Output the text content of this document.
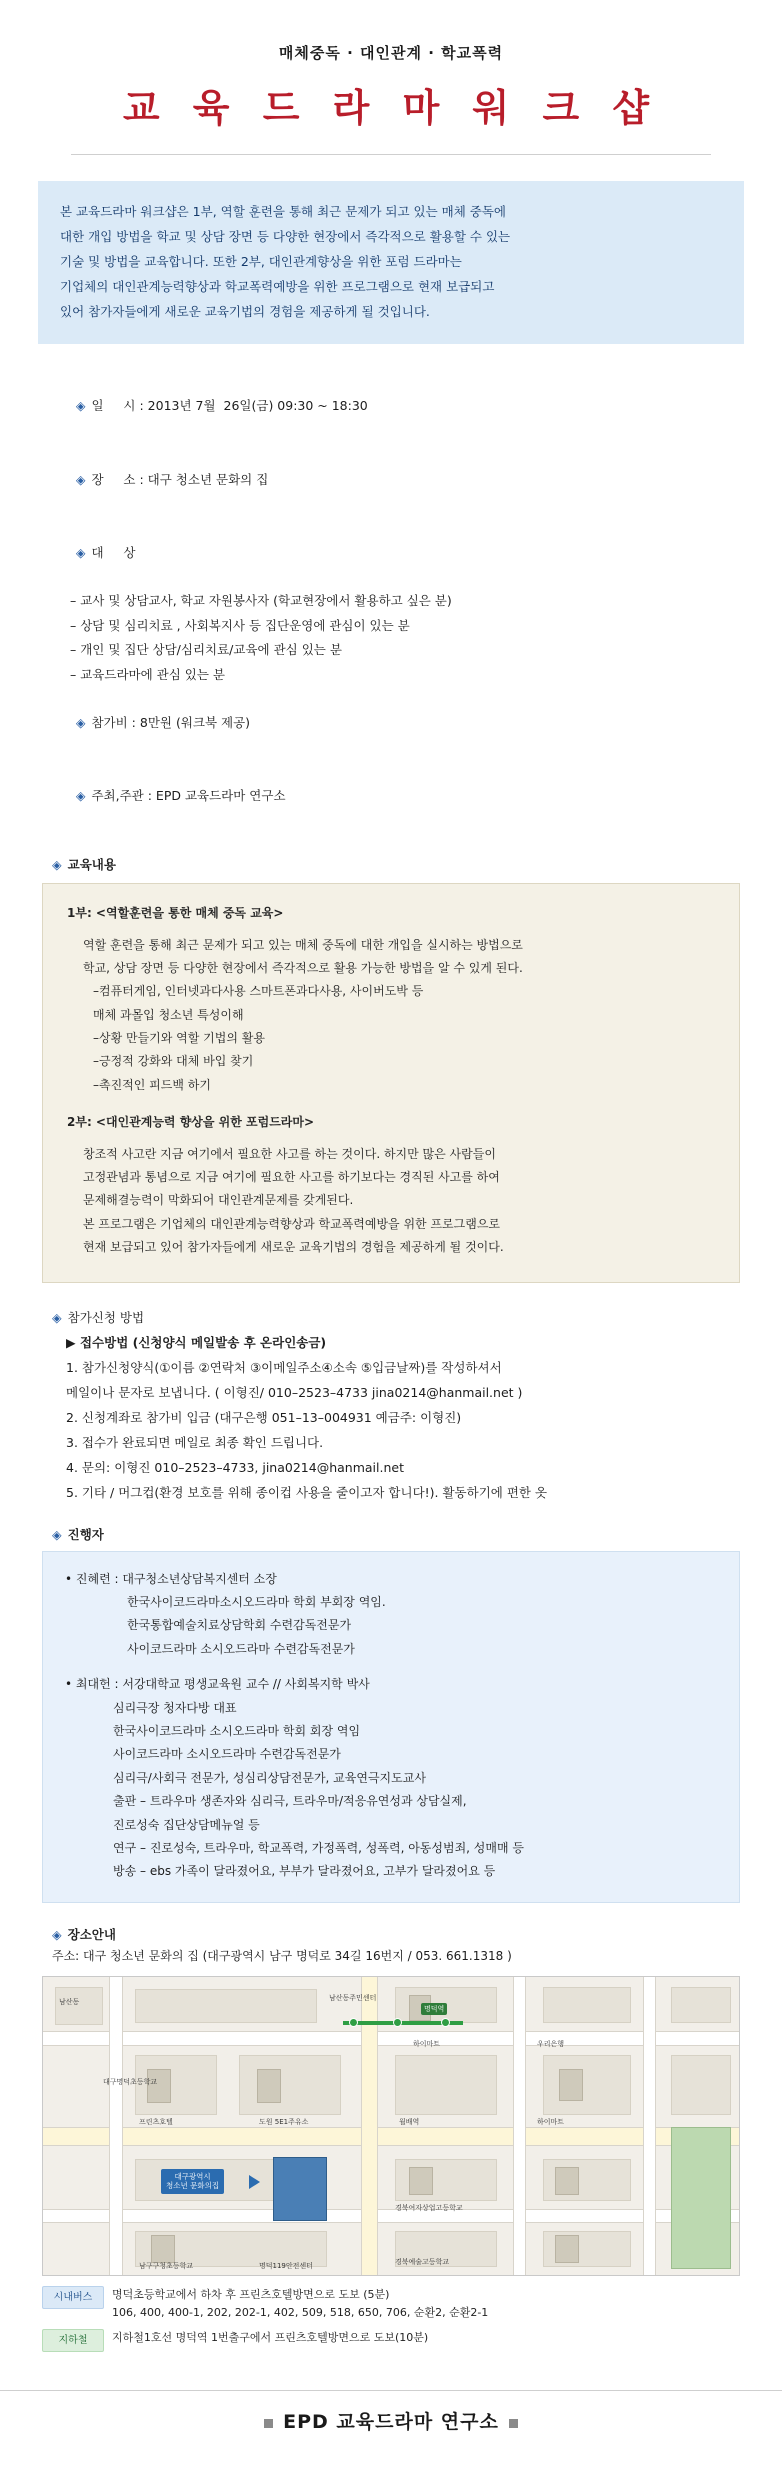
매체중독 · 대인관계 · 학교폭력
교 육 드 라 마 워 크 샵
본 교육드라마 워크샵은 1부, 역할 훈련을 통해 최근 문제가 되고 있는 매체 중독에
대한 개입 방법을 학교 및 상담 장면 등 다양한 현장에서 즉각적으로 활용할 수 있는
기술 및 방법을 교육합니다. 또한 2부, 대인관계향상을 위한 포럼 드라마는
기업체의 대인관계능력향상과 학교폭력예방을 위한 프로그램으로 현재 보급되고
있어 참가자들에게 새로운 교육기법의 경험을 제공하게 될 것입니다.

◈ 일     시 : 2013년 7월  26일(금) 09:30 ~ 18:30

◈ 장     소 : 대구 청소년 문화의 집

◈ 대     상

– 교사 및 상담교사, 학교 자원봉사자 (학교현장에서 활용하고 싶은 분)
– 상담 및 심리치료 , 사회복지사 등 집단운영에 관심이 있는 분
– 개인 및 집단 상담/심리치료/교육에 관심 있는 분
– 교육드라마에 관심 있는 분

◈ 참가비 : 8만원 (워크북 제공)

◈ 주최,주관 : EPD 교육드라마 연구소

◈ 교육내용
1부: <역할훈련을 통한 매체 중독 교육>
역할 훈련을 통해 최근 문제가 되고 있는 매체 중독에 대한 개입을 실시하는 방법으로
학교, 상담 장면 등 다양한 현장에서 즉각적으로 활용 가능한 방법을 알 수 있게 된다.
–컴퓨터게임, 인터넷과다사용 스마트폰과다사용, 사이버도박 등
매체 과몰입 청소년 특성이해
–상황 만들기와 역할 기법의 활용
–긍정적 강화와 대체 바입 찾기
–촉진적인 피드백 하기
2부: <대인관계능력 향상을 위한 포럼드라마>
창조적 사고란 지금 여기에서 필요한 사고를 하는 것이다. 하지만 많은 사람들이
고정관념과 통념으로 지금 여기에 필요한 사고를 하기보다는 경직된 사고를 하여
문제해결능력이 막화되어 대인관계문제를 갖게된다.
본 프로그램은 기업체의 대인관계능력향상과 학교폭력예방을 위한 프로그램으로
현재 보급되고 있어 참가자들에게 새로운 교육기법의 경험을 제공하게 될 것이다.
◈ 참가신청 방법
▶ 접수방법 (신청양식 메일발송 후 온라인송금)
1. 참가신청양식(①이름 ②연락처 ③이메일주소④소속 ⑤입금날짜)를 작성하셔서
메일이나 문자로 보냅니다. ( 이형진/ 010–2523–4733 jina0214@hanmail.net )
2. 신청계좌로 참가비 입금 (대구은행 051–13–004931 예금주: 이형진)
3. 접수가 완료되면 메일로 최종 확인 드립니다.
4. 문의: 이형진 010–2523–4733, jina0214@hanmail.net
5. 기타 / 머그컵(환경 보호를 위해 종이컵 사용을 줄이고자 합니다!). 활동하기에 편한 옷
◈ 진행자
• 진혜련 : 대구청소년상담복지센터 소장
한국사이코드라마소시오드라마 학회 부회장 역임.
한국통합예술치료상담학회 수련감독전문가
사이코드라마 소시오드라마 수련감독전문가
• 최대헌 : 서강대학교 평생교육원 교수 // 사회복지학 박사
심리극장 청자다방 대표
한국사이코드라마 소시오드라마 학회 회장 역임
사이코드라마 소시오드라마 수련감독전문가
심리극/사회극 전문가, 성심리상담전문가, 교육연극지도교사
출판 – 트라우마 생존자와 심리극, 트라우마/적응유연성과 상담실제,
진로성숙 집단상담메뉴얼 등
연구 – 진로성숙, 트라우마, 학교폭력, 가정폭력, 성폭력, 아동성범죄, 성매매 등
방송 – ebs 가족이 달라졌어요, 부부가 달라졌어요, 고부가 달라졌어요 등
◈ 장소안내
주소: 대구 청소년 문화의 집 (대구광역시 남구 명덕로 34길 16번지 / 053. 661.1318 )
대구광역시
청소년 문화의집
명덕역
남산동	남산동주민센터
우리은행
하이마트
프린츠호텔	도원 5E1주유소	월배역	하이마트
경북여자상업고등학교
경북예술고등학교
남구구청초등학교	명덕119안전센터
대구명덕초등학교
시내버스	명덕초등학교에서 하차 후 프린츠호텔방면으로 도보 (5분)
106, 400, 400-1, 202, 202-1, 402, 509, 518, 650, 706, 순환2, 순환2-1
지하철	지하철1호선 명덕역 1번출구에서 프린츠호텔방면으로 도보(10분)
EPD 교육드라마 연구소
